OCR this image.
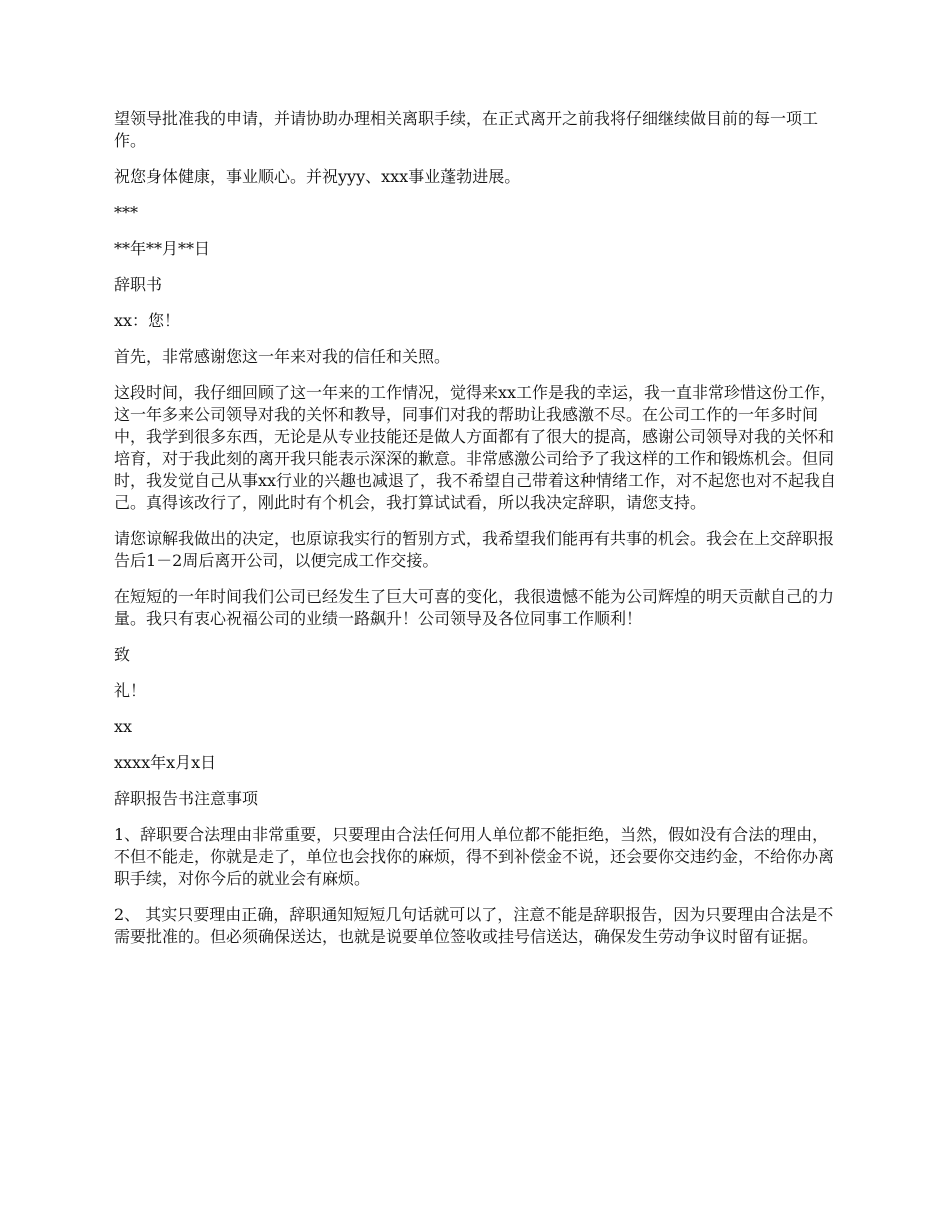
望领导批准我的申请，并请协助办理相关离职手续，在正式离开之前我将仔细继续做目前的每一项工作。

祝您身体健康，事业顺心。并祝yyy、xxx事业蓬勃进展。

***

**年**月**日

辞职书

xx：您！

首先，非常感谢您这一年来对我的信任和关照。

这段时间，我仔细回顾了这一年来的工作情况，觉得来xx工作是我的幸运，我一直非常珍惜这份工作，这一年多来公司领导对我的关怀和教导，同事们对我的帮助让我感激不尽。在公司工作的一年多时间中，我学到很多东西，无论是从专业技能还是做人方面都有了很大的提高，感谢公司领导对我的关怀和培育，对于我此刻的离开我只能表示深深的歉意。非常感激公司给予了我这样的工作和锻炼机会。但同时，我发觉自己从事xx行业的兴趣也减退了，我不希望自己带着这种情绪工作，对不起您也对不起我自己。真得该改行了，刚此时有个机会，我打算试试看，所以我决定辞职，请您支持。

请您谅解我做出的决定，也原谅我实行的暂别方式，我希望我们能再有共事的机会。我会在上交辞职报告后1－2周后离开公司，以便完成工作交接。

在短短的一年时间我们公司已经发生了巨大可喜的变化，我很遗憾不能为公司辉煌的明天贡献自己的力量。我只有衷心祝福公司的业绩一路飙升！公司领导及各位同事工作顺利！

致

礼！

xx

xxxx年x月x日

辞职报告书注意事项

1、辞职要合法理由非常重要，只要理由合法任何用人单位都不能拒绝，当然，假如没有合法的理由，不但不能走，你就是走了，单位也会找你的麻烦，得不到补偿金不说，还会要你交违约金，不给你办离职手续，对你今后的就业会有麻烦。

2、 其实只要理由正确，辞职通知短短几句话就可以了，注意不能是辞职报告，因为只要理由合法是不需要批准的。但必须确保送达，也就是说要单位签收或挂号信送达，确保发生劳动争议时留有证据。
